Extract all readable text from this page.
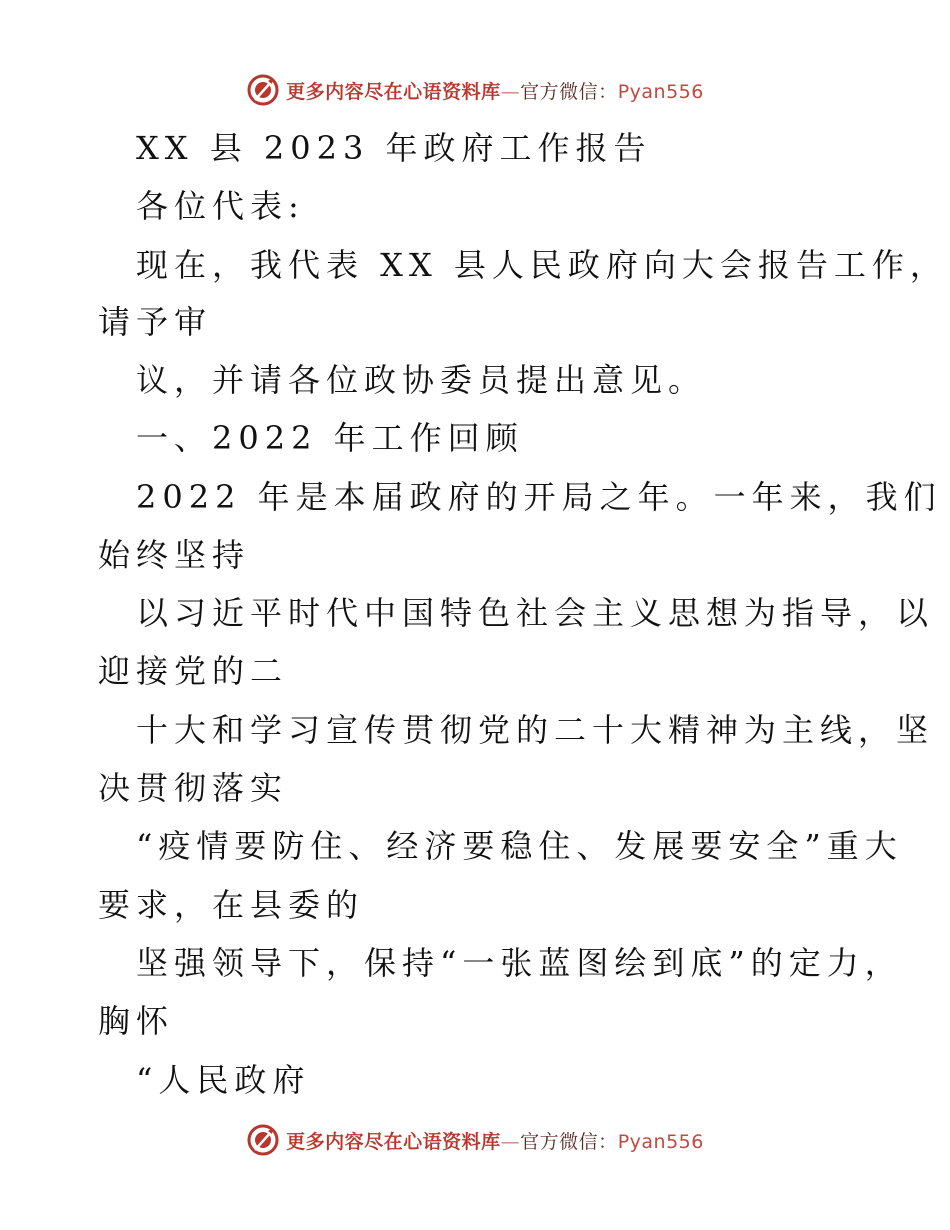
更多内容尽在心语资料库—官方微信：Pyan556
XX 县 2023 年政府工作报告
各位代表:
现在，我代表 XX 县人民政府向大会报告工作，
请予审
议，并请各位政协委员提出意见。
一、2022 年工作回顾
2022 年是本届政府的开局之年。一年来，我们
始终坚持
以习近平时代中国特色社会主义思想为指导，以
迎接党的二
十大和学习宣传贯彻党的二十大精神为主线，坚
决贯彻落实
“疫情要防住、经济要稳住、发展要安全”重大
要求，在县委的
坚强领导下，保持“一张蓝图绘到底”的定力，
胸怀
“人民政府
更多内容尽在心语资料库—官方微信：Pyan556
